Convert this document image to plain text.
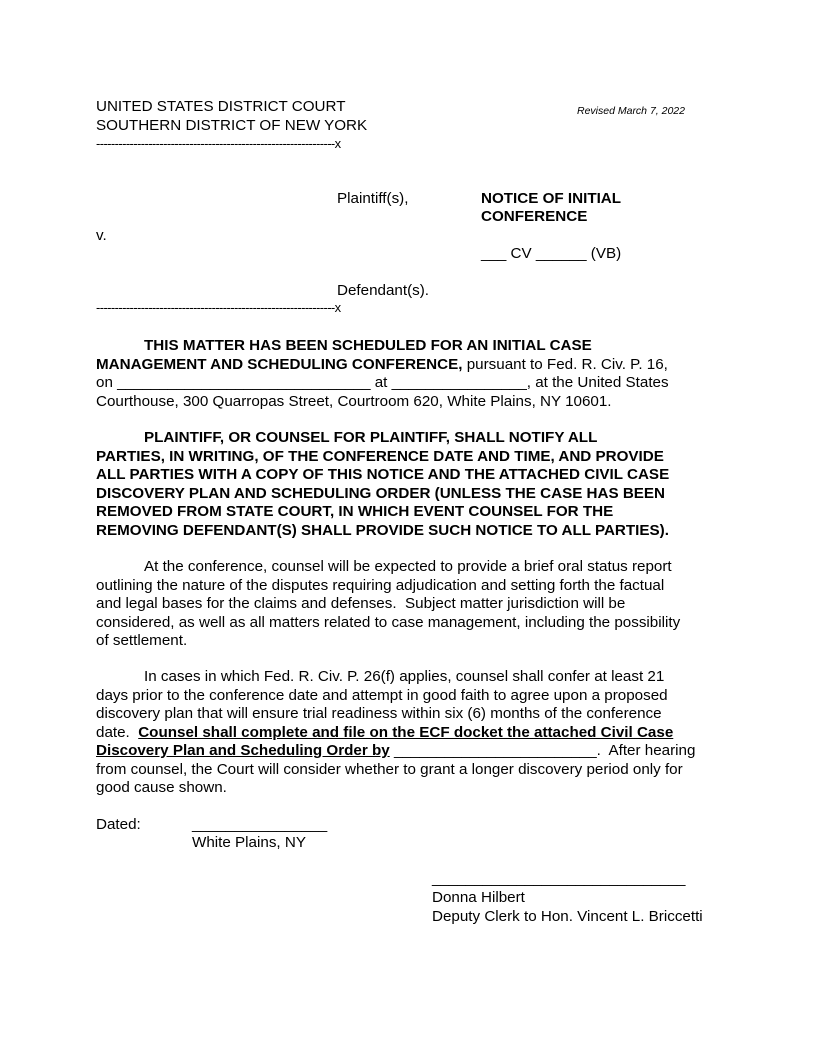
UNITED STATES DISTRICT COURT
SOUTHERN DISTRICT OF NEW YORK
Revised March 7, 2022
----------------------------------------------------------------x
Plaintiff(s),	NOTICE OF INITIAL
CONFERENCE
v.
___ CV ______ (VB)
Defendant(s).
----------------------------------------------------------------x
THIS MATTER HAS BEEN SCHEDULED FOR AN INITIAL CASE
MANAGEMENT AND SCHEDULING CONFERENCE, pursuant to Fed. R. Civ. P. 16,
on ______________________________ at ________________, at the United States
Courthouse, 300 Quarropas Street, Courtroom 620, White Plains, NY 10601.
PLAINTIFF, OR COUNSEL FOR PLAINTIFF, SHALL NOTIFY ALL
PARTIES, IN WRITING, OF THE CONFERENCE DATE AND TIME, AND PROVIDE
ALL PARTIES WITH A COPY OF THIS NOTICE AND THE ATTACHED CIVIL CASE
DISCOVERY PLAN AND SCHEDULING ORDER (UNLESS THE CASE HAS BEEN
REMOVED FROM STATE COURT, IN WHICH EVENT COUNSEL FOR THE
REMOVING DEFENDANT(S) SHALL PROVIDE SUCH NOTICE TO ALL PARTIES).
At the conference, counsel will be expected to provide a brief oral status report
outlining the nature of the disputes requiring adjudication and setting forth the factual
and legal bases for the claims and defenses.  Subject matter jurisdiction will be
considered, as well as all matters related to case management, including the possibility
of settlement.
In cases in which Fed. R. Civ. P. 26(f) applies, counsel shall confer at least 21
days prior to the conference date and attempt in good faith to agree upon a proposed
discovery plan that will ensure trial readiness within six (6) months of the conference
date.  Counsel shall complete and file on the ECF docket the attached Civil Case
Discovery Plan and Scheduling Order by ________________________.  After hearing
from counsel, the Court will consider whether to grant a longer discovery period only for
good cause shown.
Dated:	________________
White Plains, NY
______________________________
Donna Hilbert
Deputy Clerk to Hon. Vincent L. Briccetti
